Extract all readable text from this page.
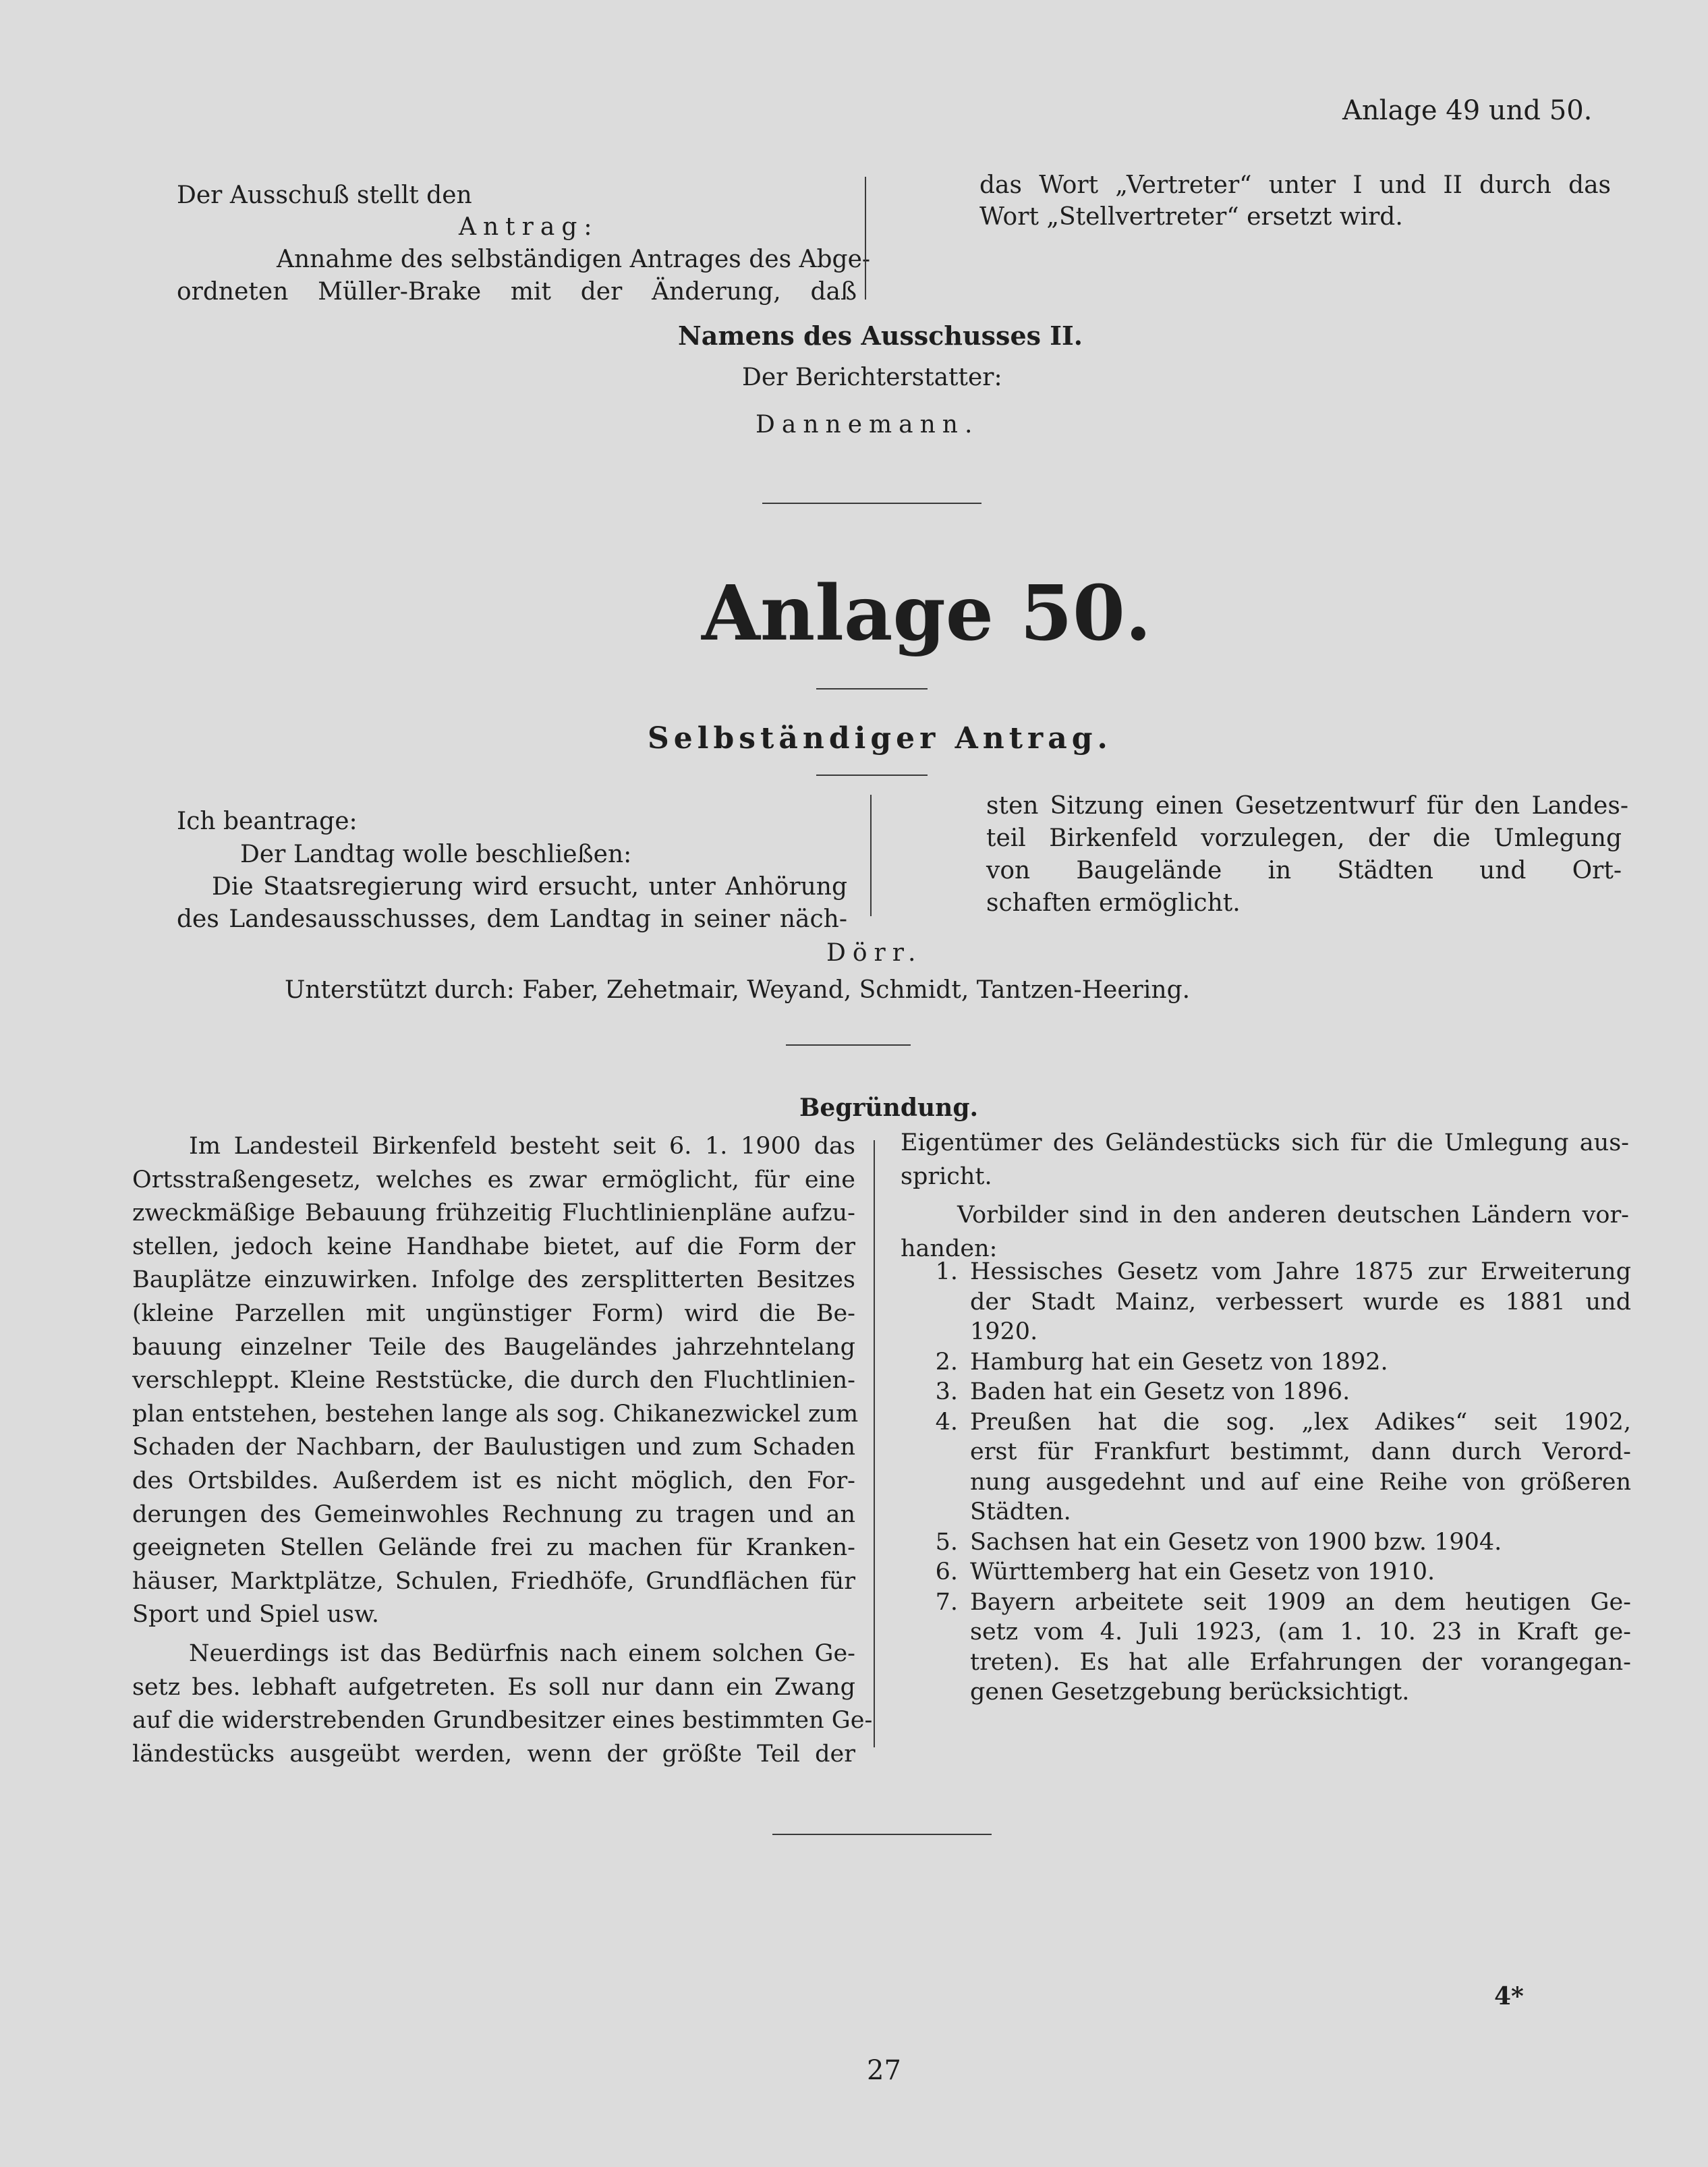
Anlage 49 und 50.
Der Ausschuß stellt den
Antrag:
Annahme des selbständigen Antrages des Abge-
ordneten Müller-Brake mit der Änderung, daß
das Wort „Vertreter“ unter I und II durch das
Wort „Stellvertreter“ ersetzt wird.
Namens des Ausschusses II.
Der Berichterstatter:
Dannemann.
Anlage 50.
Selbständiger Antrag.
Ich beantrage:
Der Landtag wolle beschließen:
Die Staatsregierung wird ersucht, unter Anhörung
des Landesausschusses, dem Landtag in seiner näch-
sten Sitzung einen Gesetzentwurf für den Landes-
teil Birkenfeld vorzulegen, der die Umlegung
von Baugelände in Städten und Ort-
schaften ermöglicht.
Dörr.
Unterstützt durch: Faber, Zehetmair, Weyand, Schmidt, Tantzen-Heering.
Begründung.
Im Landesteil Birkenfeld besteht seit 6. 1. 1900 das
Ortsstraßengesetz, welches es zwar ermöglicht, für eine
zweckmäßige Bebauung frühzeitig Fluchtlinienpläne aufzu-
stellen, jedoch keine Handhabe bietet, auf die Form der
Bauplätze einzuwirken. Infolge des zersplitterten Besitzes
(kleine Parzellen mit ungünstiger Form) wird die Be-
bauung einzelner Teile des Baugeländes jahrzehntelang
verschleppt. Kleine Reststücke, die durch den Fluchtlinien-
plan entstehen, bestehen lange als sog. Chikanezwickel zum
Schaden der Nachbarn, der Baulustigen und zum Schaden
des Ortsbildes. Außerdem ist es nicht möglich, den For-
derungen des Gemeinwohles Rechnung zu tragen und an
geeigneten Stellen Gelände frei zu machen für Kranken-
häuser, Marktplätze, Schulen, Friedhöfe, Grundflächen für
Sport und Spiel usw.
Neuerdings ist das Bedürfnis nach einem solchen Ge-
setz bes. lebhaft aufgetreten. Es soll nur dann ein Zwang
auf die widerstrebenden Grundbesitzer eines bestimmten Ge-
ländestücks ausgeübt werden, wenn der größte Teil der
Eigentümer des Geländestücks sich für die Umlegung aus-
spricht.
Vorbilder sind in den anderen deutschen Ländern vor-
handen:
1. Hessisches Gesetz vom Jahre 1875 zur Erweiterung
der Stadt Mainz, verbessert wurde es 1881 und
1920.
2. Hamburg hat ein Gesetz von 1892.
3. Baden hat ein Gesetz von 1896.
4. Preußen hat die sog. „lex Adikes“ seit 1902,
erst für Frankfurt bestimmt, dann durch Verord-
nung ausgedehnt und auf eine Reihe von größeren
Städten.
5. Sachsen hat ein Gesetz von 1900 bzw. 1904.
6. Württemberg hat ein Gesetz von 1910.
7. Bayern arbeitete seit 1909 an dem heutigen Ge-
setz vom 4. Juli 1923, (am 1. 10. 23 in Kraft ge-
treten). Es hat alle Erfahrungen der vorangegan-
genen Gesetzgebung berücksichtigt.
4*
27
